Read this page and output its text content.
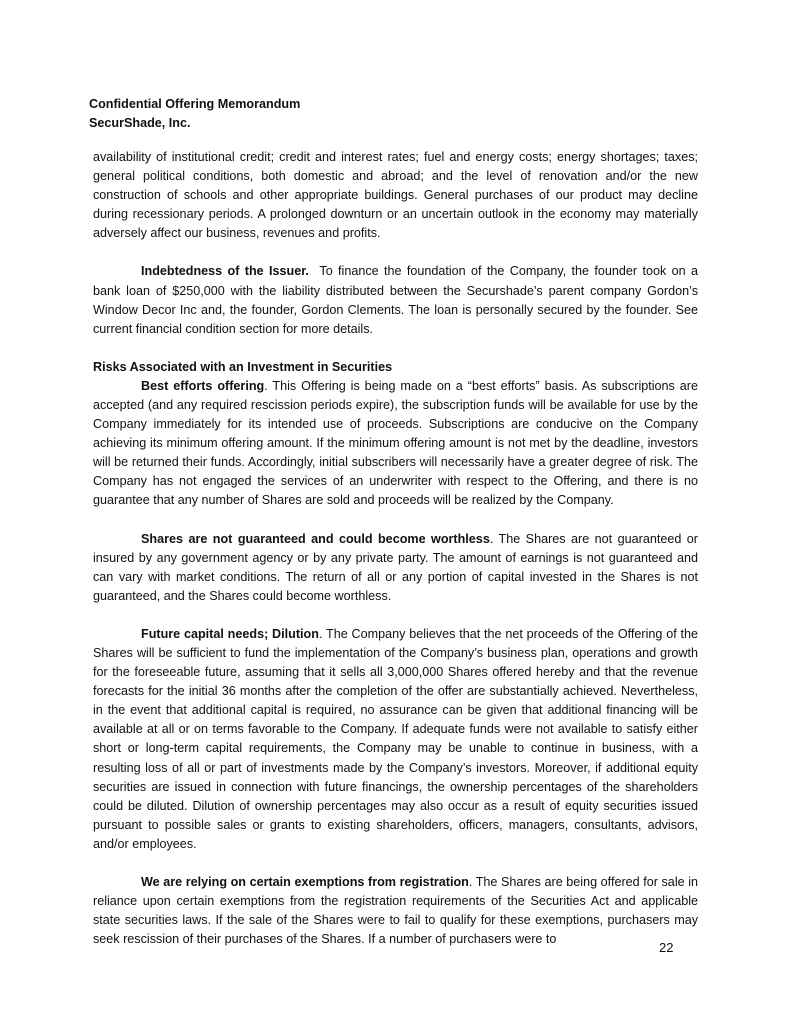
Confidential Offering Memorandum
SecurShade, Inc.

availability of institutional credit; credit and interest rates; fuel and energy costs; energy shortages; taxes; general political conditions, both domestic and abroad; and the level of renovation and/or the new construction of schools and other appropriate buildings. General purchases of our product may decline during recessionary periods. A prolonged downturn or an uncertain outlook in the economy may materially adversely affect our business, revenues and profits.

Indebtedness of the Issuer.  To finance the foundation of the Company, the founder took on a bank loan of $250,000 with the liability distributed between the Securshade’s parent company Gordon’s Window Decor Inc and, the founder, Gordon Clements. The loan is personally secured by the founder. See current financial condition section for more details.

Risks Associated with an Investment in Securities

Best efforts offering. This Offering is being made on a “best efforts” basis. As subscriptions are accepted (and any required rescission periods expire), the subscription funds will be available for use by the Company immediately for its intended use of proceeds. Subscriptions are conducive on the Company achieving its minimum offering amount. If the minimum offering amount is not met by the deadline, investors will be returned their funds. Accordingly, initial subscribers will necessarily have a greater degree of risk. The Company has not engaged the services of an underwriter with respect to the Offering, and there is no guarantee that any number of Shares are sold and proceeds will be realized by the Company.

Shares are not guaranteed and could become worthless. The Shares are not guaranteed or insured by any government agency or by any private party. The amount of earnings is not guaranteed and can vary with market conditions. The return of all or any portion of capital invested in the Shares is not guaranteed, and the Shares could become worthless.

Future capital needs; Dilution. The Company believes that the net proceeds of the Offering of the Shares will be sufficient to fund the implementation of the Company’s business plan, operations and growth for the foreseeable future, assuming that it sells all 3,000,000 Shares offered hereby and that the revenue forecasts for the initial 36 months after the completion of the offer are substantially achieved. Nevertheless, in the event that additional capital is required, no assurance can be given that additional financing will be available at all or on terms favorable to the Company. If adequate funds were not available to satisfy either short or long-term capital requirements, the Company may be unable to continue in business, with a resulting loss of all or part of investments made by the Company’s investors. Moreover, if additional equity securities are issued in connection with future financings, the ownership percentages of the shareholders could be diluted. Dilution of ownership percentages may also occur as a result of equity securities issued pursuant to possible sales or grants to existing shareholders, officers, managers, consultants, advisors, and/or employees.

We are relying on certain exemptions from registration. The Shares are being offered for sale in reliance upon certain exemptions from the registration requirements of the Securities Act and applicable state securities laws. If the sale of the Shares were to fail to qualify for these exemptions, purchasers may seek rescission of their purchases of the Shares. If a number of purchasers were to

22
